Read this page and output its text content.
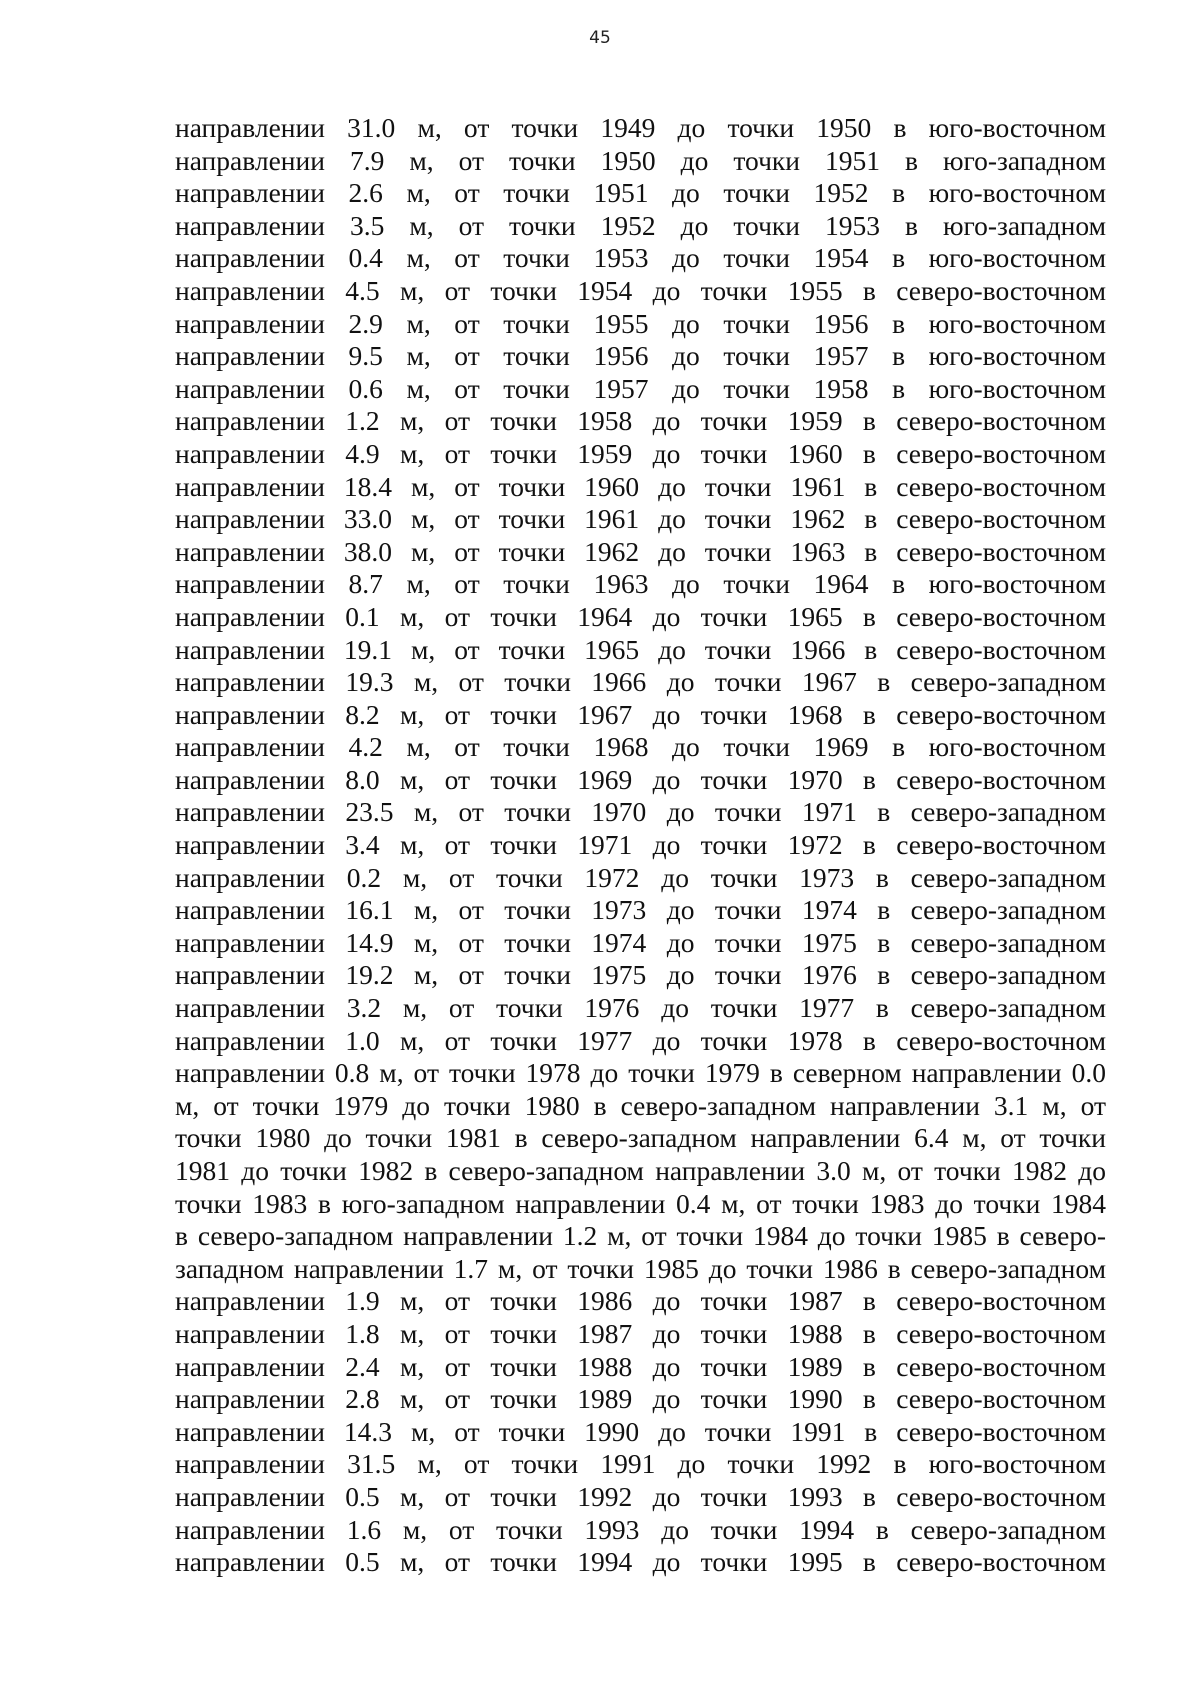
45
направлении 31.0 м, от точки 1949 до точки 1950 в юго-восточном
направлении 7.9 м, от точки 1950 до точки 1951 в юго-западном
направлении 2.6 м, от точки 1951 до точки 1952 в юго-восточном
направлении 3.5 м, от точки 1952 до точки 1953 в юго-западном
направлении 0.4 м, от точки 1953 до точки 1954 в юго-восточном
направлении 4.5 м, от точки 1954 до точки 1955 в северо-восточном
направлении 2.9 м, от точки 1955 до точки 1956 в юго-восточном
направлении 9.5 м, от точки 1956 до точки 1957 в юго-восточном
направлении 0.6 м, от точки 1957 до точки 1958 в юго-восточном
направлении 1.2 м, от точки 1958 до точки 1959 в северо-восточном
направлении 4.9 м, от точки 1959 до точки 1960 в северо-восточном
направлении 18.4 м, от точки 1960 до точки 1961 в северо-восточном
направлении 33.0 м, от точки 1961 до точки 1962 в северо-восточном
направлении 38.0 м, от точки 1962 до точки 1963 в северо-восточном
направлении 8.7 м, от точки 1963 до точки 1964 в юго-восточном
направлении 0.1 м, от точки 1964 до точки 1965 в северо-восточном
направлении 19.1 м, от точки 1965 до точки 1966 в северо-восточном
направлении 19.3 м, от точки 1966 до точки 1967 в северо-западном
направлении 8.2 м, от точки 1967 до точки 1968 в северо-восточном
направлении 4.2 м, от точки 1968 до точки 1969 в юго-восточном
направлении 8.0 м, от точки 1969 до точки 1970 в северо-восточном
направлении 23.5 м, от точки 1970 до точки 1971 в северо-западном
направлении 3.4 м, от точки 1971 до точки 1972 в северо-восточном
направлении 0.2 м, от точки 1972 до точки 1973 в северо-западном
направлении 16.1 м, от точки 1973 до точки 1974 в северо-западном
направлении 14.9 м, от точки 1974 до точки 1975 в северо-западном
направлении 19.2 м, от точки 1975 до точки 1976 в северо-западном
направлении 3.2 м, от точки 1976 до точки 1977 в северо-западном
направлении 1.0 м, от точки 1977 до точки 1978 в северо-восточном
направлении 0.8 м, от точки 1978 до точки 1979 в северном направлении 0.0
м, от точки 1979 до точки 1980 в северо-западном направлении 3.1 м, от
точки 1980 до точки 1981 в северо-западном направлении 6.4 м, от точки
1981 до точки 1982 в северо-западном направлении 3.0 м, от точки 1982 до
точки 1983 в юго-западном направлении 0.4 м, от точки 1983 до точки 1984
в северо-западном направлении 1.2 м, от точки 1984 до точки 1985 в северо-
западном направлении 1.7 м, от точки 1985 до точки 1986 в северо-западном
направлении 1.9 м, от точки 1986 до точки 1987 в северо-восточном
направлении 1.8 м, от точки 1987 до точки 1988 в северо-восточном
направлении 2.4 м, от точки 1988 до точки 1989 в северо-восточном
направлении 2.8 м, от точки 1989 до точки 1990 в северо-восточном
направлении 14.3 м, от точки 1990 до точки 1991 в северо-восточном
направлении 31.5 м, от точки 1991 до точки 1992 в юго-восточном
направлении 0.5 м, от точки 1992 до точки 1993 в северо-восточном
направлении 1.6 м, от точки 1993 до точки 1994 в северо-западном
направлении 0.5 м, от точки 1994 до точки 1995 в северо-восточном
